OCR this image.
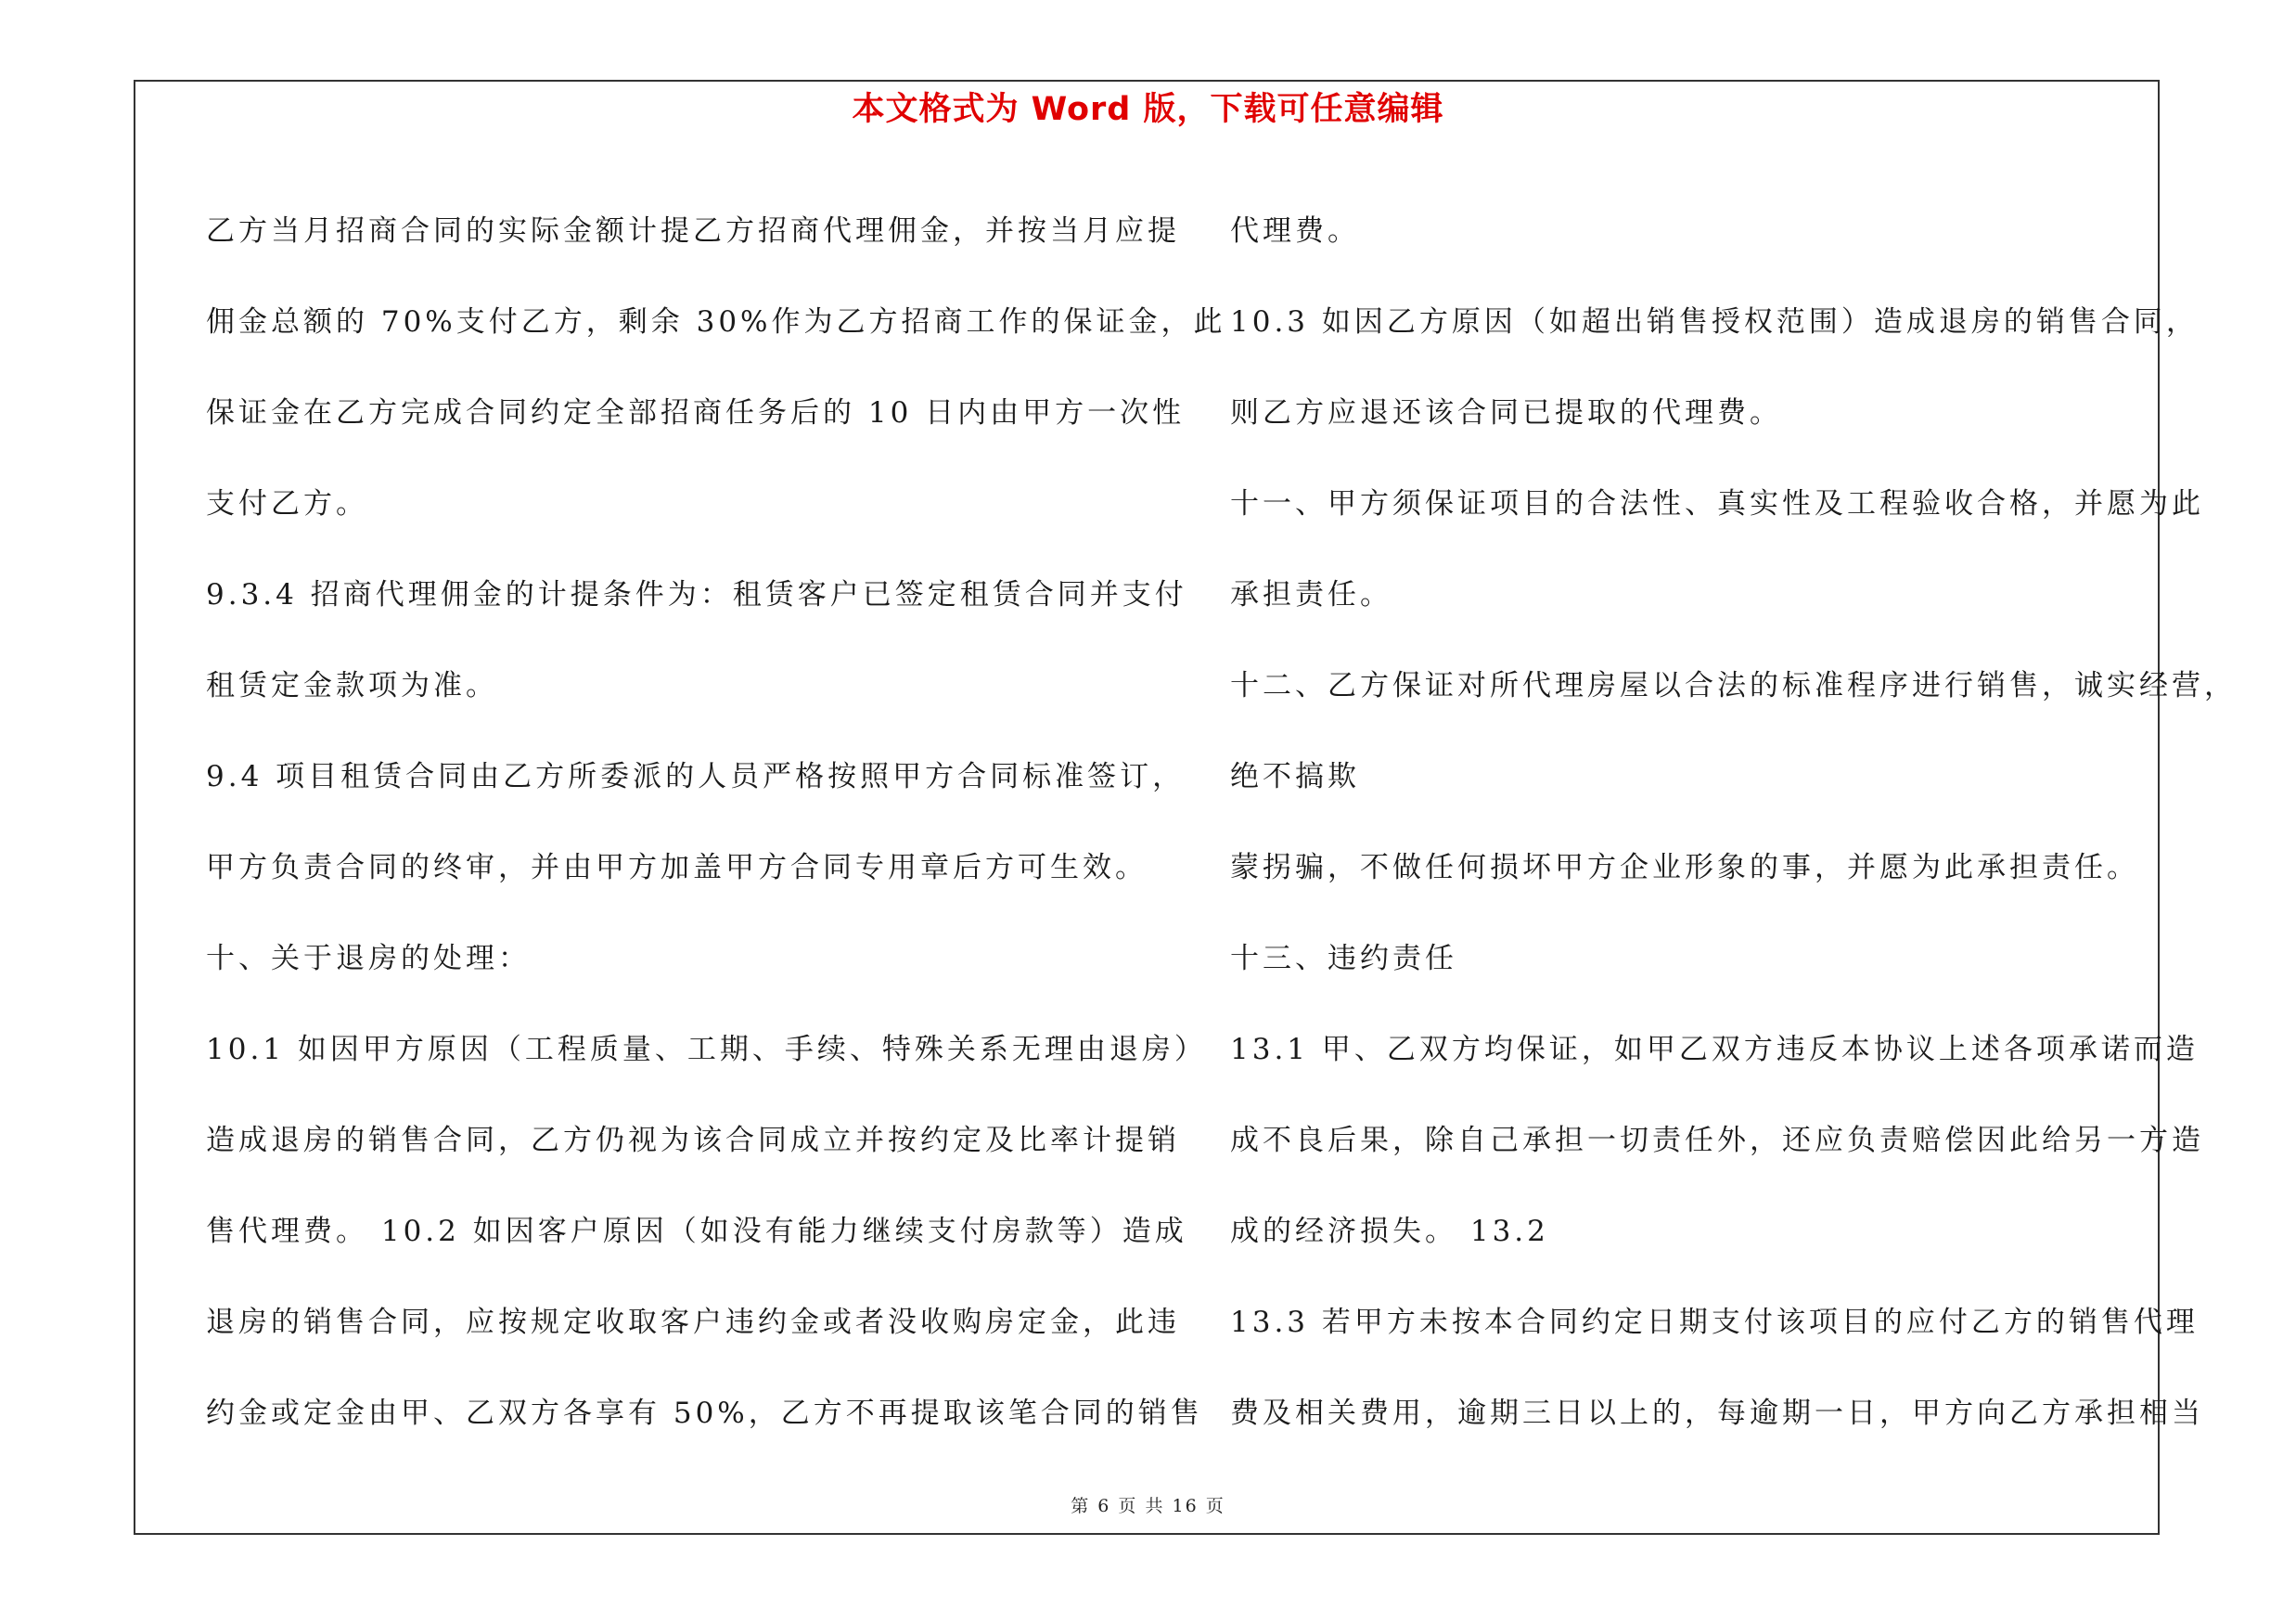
本文格式为 Word 版，下载可任意编辑
乙方当月招商合同的实际金额计提乙方招商代理佣金，并按当月应提
佣金总额的 70%支付乙方，剩余 30%作为乙方招商工作的保证金，此
保证金在乙方完成合同约定全部招商任务后的 10 日内由甲方一次性
支付乙方。
9.3.4 招商代理佣金的计提条件为：租赁客户已签定租赁合同并支付
租赁定金款项为准。
9.4 项目租赁合同由乙方所委派的人员严格按照甲方合同标准签订，
甲方负责合同的终审，并由甲方加盖甲方合同专用章后方可生效。
十、关于退房的处理：
10.1 如因甲方原因（工程质量、工期、手续、特殊关系无理由退房）
造成退房的销售合同，乙方仍视为该合同成立并按约定及比率计提销
售代理费。 10.2 如因客户原因（如没有能力继续支付房款等）造成
退房的销售合同，应按规定收取客户违约金或者没收购房定金，此违
约金或定金由甲、乙双方各享有 50%，乙方不再提取该笔合同的销售
代理费。
10.3 如因乙方原因（如超出销售授权范围）造成退房的销售合同，
则乙方应退还该合同已提取的代理费。
十一、甲方须保证项目的合法性、真实性及工程验收合格，并愿为此
承担责任。
十二、乙方保证对所代理房屋以合法的标准程序进行销售，诚实经营，
绝不搞欺
蒙拐骗，不做任何损坏甲方企业形象的事，并愿为此承担责任。
十三、违约责任
13.1 甲、乙双方均保证，如甲乙双方违反本协议上述各项承诺而造
成不良后果，除自己承担一切责任外，还应负责赔偿因此给另一方造
成的经济损失。 13.2
13.3 若甲方未按本合同约定日期支付该项目的应付乙方的销售代理
费及相关费用，逾期三日以上的，每逾期一日，甲方向乙方承担相当
第 6 页 共 16 页
